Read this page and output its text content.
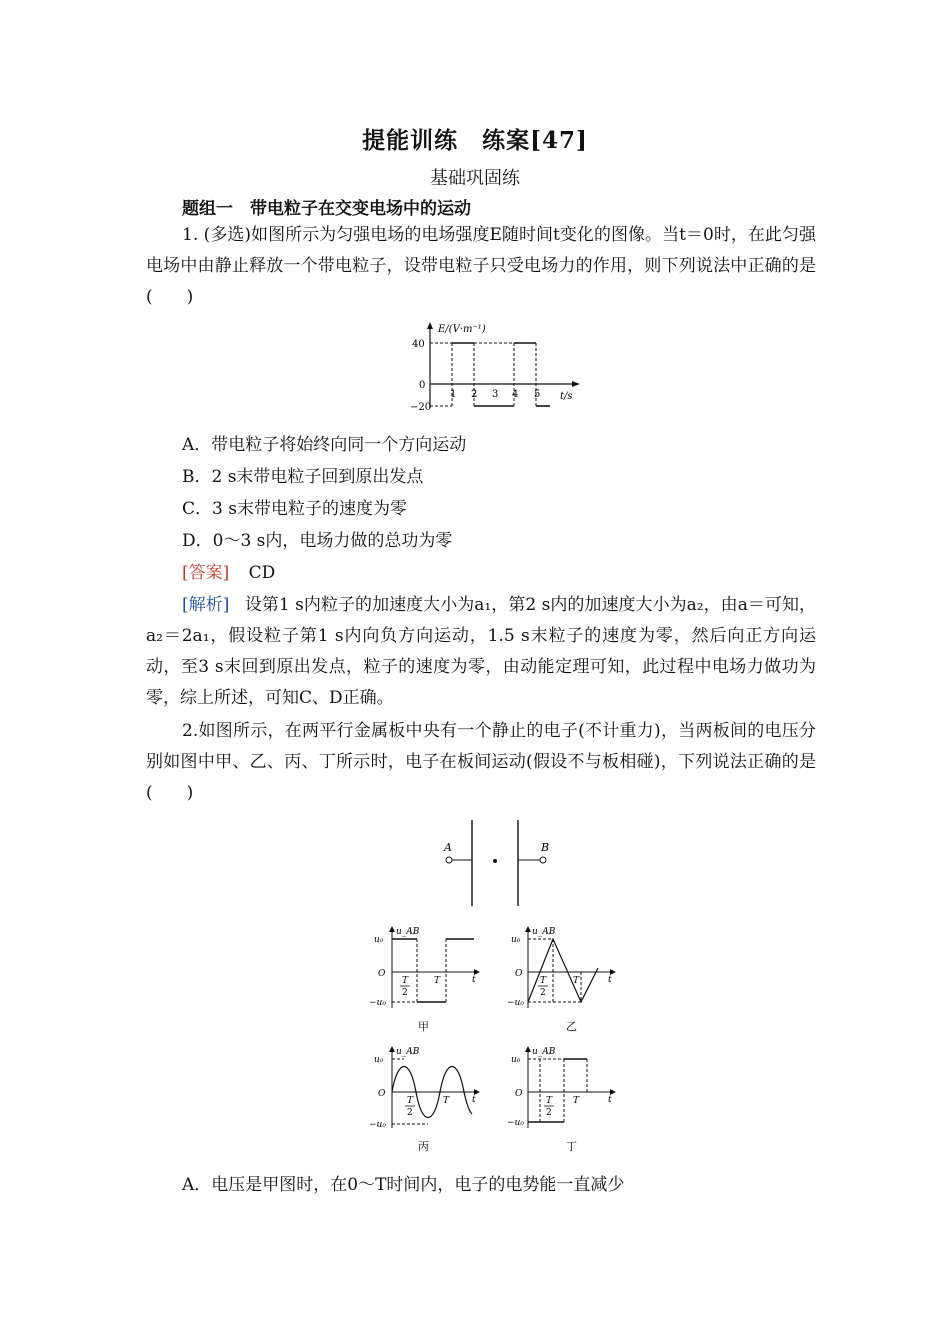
提能训练　练案[47]
基础巩固练
题组一　带电粒子在交变电场中的运动
1. (多选)如图所示为匀强电场的电场强度E随时间t变化的图像。当t＝0时，在此匀强电场中由静止释放一个带电粒子，设带电粒子只受电场力的作用，则下列说法中正确的是(　　)
E/(V·m⁻¹)
40
0
−20
1 2 3 4 5 t/s
A．带电粒子将始终向同一个方向运动
B．2 s末带电粒子回到原出发点
C．3 s末带电粒子的速度为零
D．0～3 s内，电场力做的总功为零
[答案] CD
[解析] 设第1 s内粒子的加速度大小为a₁，第2 s内的加速度大小为a₂，由a＝可知，a₂＝2a₁，假设粒子第1 s内向负方向运动，1.5 s末粒子的速度为零，然后向正方向运动，至3 s末回到原出发点，粒子的速度为零，由动能定理可知，此过程中电场力做功为零，综上所述，可知C、D正确。
2.如图所示，在两平行金属板中央有一个静止的电子(不计重力)，当两板间的电压分别如图中甲、乙、丙、丁所示时，电子在板间运动(假设不与板相碰)，下列说法正确的是(　　)
A	B
u_AB
u₀
O
−u₀
T
2
T	t
甲
u_AB
u₀
O
−u₀
T
2
T	t
乙
u_AB
u₀
O
−u₀
T
2
T	t
丙
u_AB
u₀
O
−u₀
T
2
T	t
丁
A．电压是甲图时，在0～T时间内，电子的电势能一直减少
